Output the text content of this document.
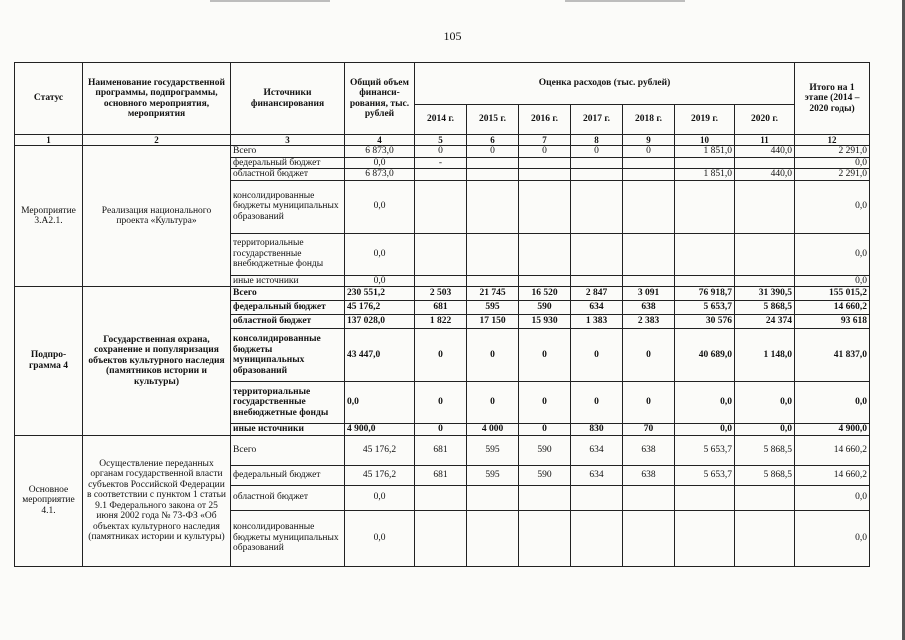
105
Статус	Наименование государственной программы, подпрограммы, основного мероприятия, мероприятия	Источники финансирования	Общий объем финанси-рования, тыс. рублей	Оценка расходов (тыс. рублей)							Итого на 1 этапе (2014 – 2020 годы)
				2014 г.	2015 г.	2016 г.	2017 г.	2018 г.	2019 г.	2020 г.	
1	2	3	4	5	6	7	8	9	10	11	12
Мероприятие 3.А2.1.	Реализация национального проекта «Культура»	Всего	6 873,0	0	0	0	0	0	1 851,0	440,0	2 291,0
		федеральный бюджет	0,0	-							0,0
		областной бюджет	6 873,0						1 851,0	440,0	2 291,0
		консолидированные бюджеты муниципальных образований	0,0								0,0
		территориальные государственные внебюджетные фонды	0,0								0,0
		иные источники	0,0								0,0
Подпро-грамма 4	Государственная охрана, сохранение и популяризация объектов культурного наследия (памятников истории и культуры)	Всего	230 551,2	2 503	21 745	16 520	2 847	3 091	76 918,7	31 390,5	155 015,2
		федеральный бюджет	45 176,2	681	595	590	634	638	5 653,7	5 868,5	14 660,2
		областной бюджет	137 028,0	1 822	17 150	15 930	1 383	2 383	30 576	24 374	93 618
		консолидированные бюджеты муниципальных образований	43 447,0	0	0	0	0	0	40 689,0	1 148,0	41 837,0
		территориальные государственные внебюджетные фонды	0,0	0	0	0	0	0	0,0	0,0	0,0
		иные источники	4 900,0	0	4 000	0	830	70	0,0	0,0	4 900,0
Основное мероприятие 4.1.	Осуществление переданных органам государственной власти субъектов Российской Федерации в соответствии с пунктом 1 статьи 9.1 Федерального закона от 25 июня 2002 года № 73-ФЗ «Об объектах культурного наследия (памятниках истории и культуры)	Всего	45 176,2	681	595	590	634	638	5 653,7	5 868,5	14 660,2
		федеральный бюджет	45 176,2	681	595	590	634	638	5 653,7	5 868,5	14 660,2
		областной бюджет	0,0								0,0
		консолидированные бюджеты муниципальных образований	0,0								0,0
